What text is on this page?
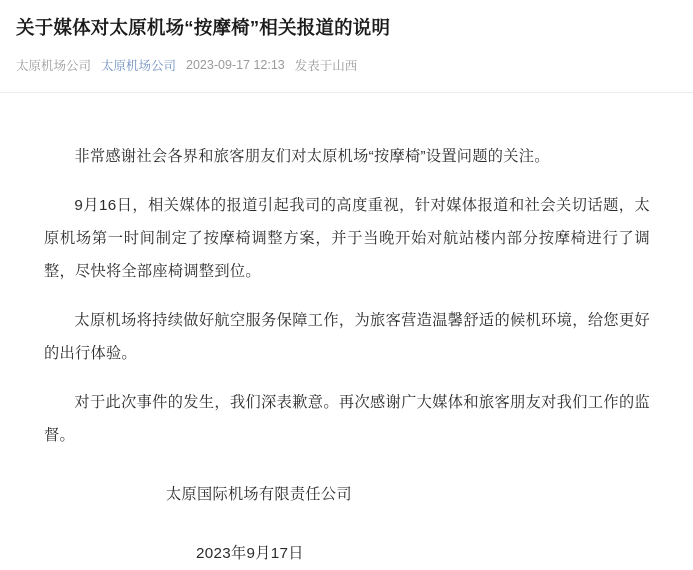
关于媒体对太原机场“按摩椅”相关报道的说明
太原机场公司 太原机场公司 2023-09-17 12:13 发表于山西

非常感谢社会各界和旅客朋友们对太原机场“按摩椅”设置问题的关注。

9月16日，相关媒体的报道引起我司的高度重视，针对媒体报道和社会关切话题，太原机场第一时间制定了按摩椅调整方案，并于当晚开始对航站楼内部分按摩椅进行了调整，尽快将全部座椅调整到位。

太原机场将持续做好航空服务保障工作，为旅客营造温馨舒适的候机环境，给您更好的出行体验。

对于此次事件的发生，我们深表歉意。再次感谢广大媒体和旅客朋友对我们工作的监督。

太原国际机场有限责任公司
2023年9月17日
